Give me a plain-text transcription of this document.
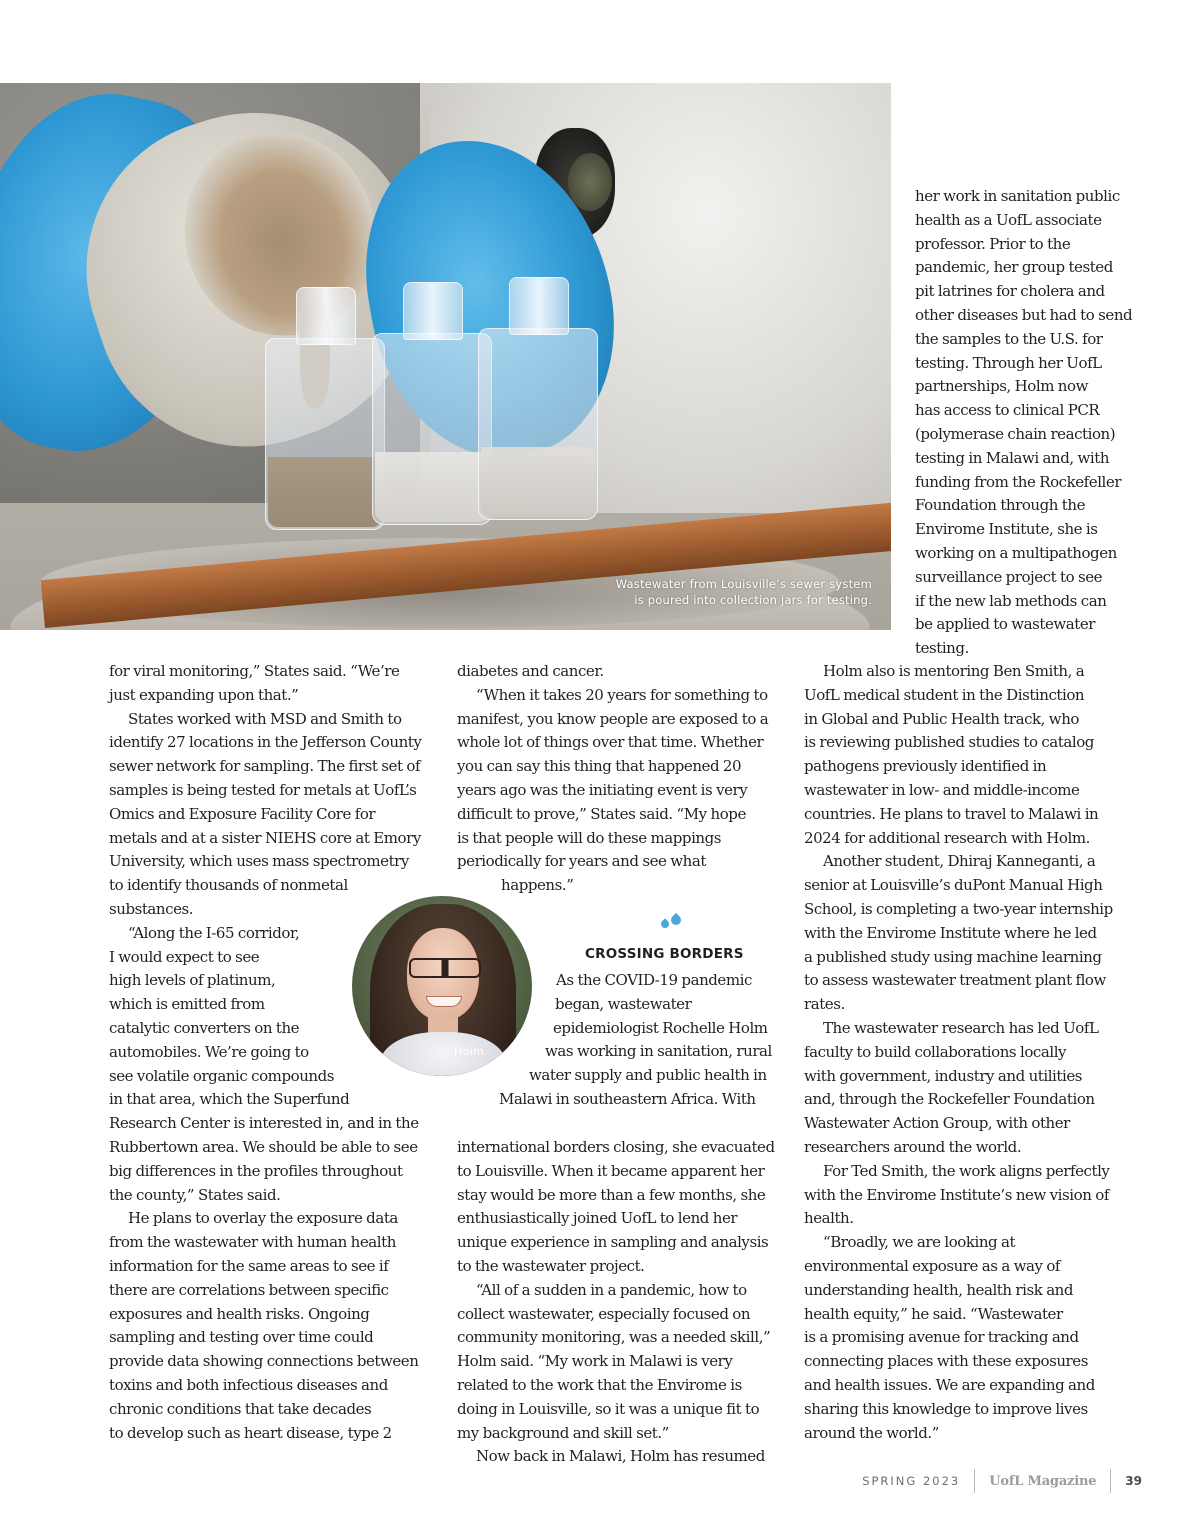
Wastewater from Louisville’s sewer system
is poured into collection jars for testing.
her work in sanitation public
health as a UofL associate
professor. Prior to the
pandemic, her group tested
pit latrines for cholera and
other diseases but had to send
the samples to the U.S. for
testing. Through her UofL
partnerships, Holm now
has access to clinical PCR
(polymerase chain reaction)
testing in Malawi and, with
funding from the Rockefeller
Foundation through the
Envirome Institute, she is
working on a multipathogen
surveillance project to see
if the new lab methods can
be applied to wastewater
testing.

for viral monitoring,” States said. “We’re
just expanding upon that.”

States worked with MSD and Smith to
identify 27 locations in the Jefferson County
sewer network for sampling. The first set of
samples is being tested for metals at UofL’s
Omics and Exposure Facility Core for
metals and at a sister NIEHS core at Emory
University, which uses mass spectrometry
to identify thousands of nonmetal
substances.

“Along the I-65 corridor,
I would expect to see
high levels of platinum,
which is emitted from
catalytic converters on the
automobiles. We’re going to
see volatile organic compounds
in that area, which the Superfund
Research Center is interested in, and in the
Rubbertown area. We should be able to see
big differences in the profiles throughout
the county,” States said.

He plans to overlay the exposure data
from the wastewater with human health
information for the same areas to see if
there are correlations between specific
exposures and health risks. Ongoing
sampling and testing over time could
provide data showing connections between
toxins and both infectious diseases and
chronic conditions that take decades
to develop such as heart disease, type 2

diabetes and cancer.

“When it takes 20 years for something to
manifest, you know people are exposed to a
whole lot of things over that time. Whether
you can say this thing that happened 20
years ago was the initiating event is very
difficult to prove,” States said. “My hope
is that people will do these mappings
periodically for years and see what

happens.”
CROSSING BORDERS
As the COVID-19 pandemic
began, wastewater
epidemiologist Rochelle Holm
was working in sanitation, rural
water supply and public health in
Malawi in southeastern Africa. With

international borders closing, she evacuated
to Louisville. When it became apparent her
stay would be more than a few months, she
enthusiastically joined UofL to lend her
unique experience in sampling and analysis
to the wastewater project.

“All of a sudden in a pandemic, how to
collect wastewater, especially focused on
community monitoring, was a needed skill,”
Holm said. “My work in Malawi is very
related to the work that the Envirome is
doing in Louisville, so it was a unique fit to
my background and skill set.”

Now back in Malawi, Holm has resumed

Holm also is mentoring Ben Smith, a
UofL medical student in the Distinction
in Global and Public Health track, who
is reviewing published studies to catalog
pathogens previously identified in
wastewater in low- and middle-income
countries. He plans to travel to Malawi in
2024 for additional research with Holm.

Another student, Dhiraj Kanneganti, a
senior at Louisville’s duPont Manual High
School, is completing a two-year internship
with the Envirome Institute where he led
a published study using machine learning
to assess wastewater treatment plant flow
rates.

The wastewater research has led UofL
faculty to build collaborations locally
with government, industry and utilities
and, through the Rockefeller Foundation
Wastewater Action Group, with other
researchers around the world.

For Ted Smith, the work aligns perfectly
with the Envirome Institute’s new vision of
health.

“Broadly, we are looking at
environmental exposure as a way of
understanding health, health risk and
health equity,” he said. “Wastewater
is a promising avenue for tracking and
connecting places with these exposures
and health issues. We are expanding and
sharing this knowledge to improve lives
around the world.”

Holm
SPRING 2023 UofL Magazine 39
